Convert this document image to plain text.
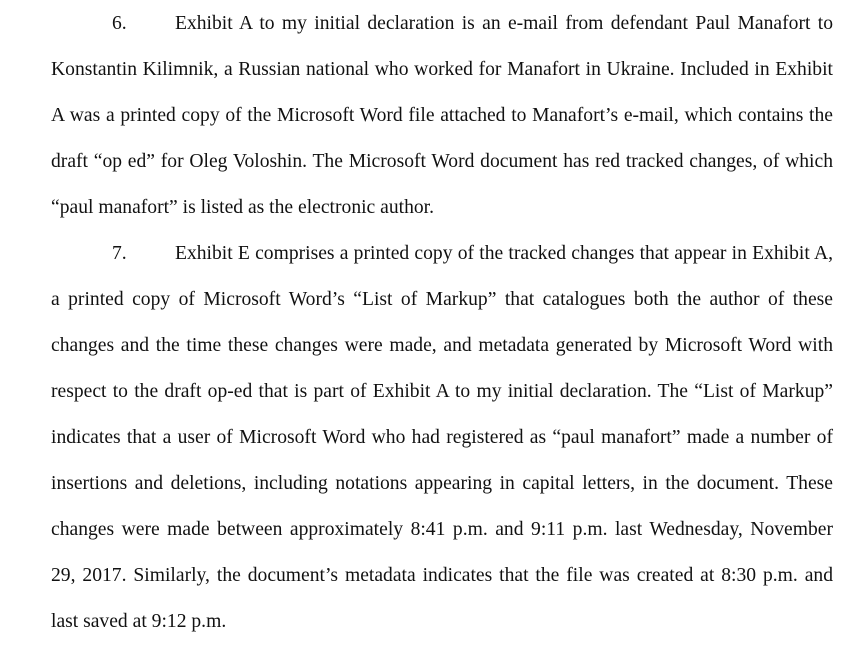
6. Exhibit A to my initial declaration is an e-mail from defendant Paul Manafort to
Konstantin Kilimnik, a Russian national who worked for Manafort in Ukraine. Included in Exhibit
A was a printed copy of the Microsoft Word file attached to Manafort’s e-mail, which contains the
draft “op ed” for Oleg Voloshin. The Microsoft Word document has red tracked changes, of which
“paul manafort” is listed as the electronic author.
7. Exhibit E comprises a printed copy of the tracked changes that appear in Exhibit A,
a printed copy of Microsoft Word’s “List of Markup” that catalogues both the author of these
changes and the time these changes were made, and metadata generated by Microsoft Word with
respect to the draft op-ed that is part of Exhibit A to my initial declaration. The “List of Markup”
indicates that a user of Microsoft Word who had registered as “paul manafort” made a number of
insertions and deletions, including notations appearing in capital letters, in the document. These
changes were made between approximately 8:41 p.m. and 9:11 p.m. last Wednesday, November
29, 2017. Similarly, the document’s metadata indicates that the file was created at 8:30 p.m. and
last saved at 9:12 p.m.
